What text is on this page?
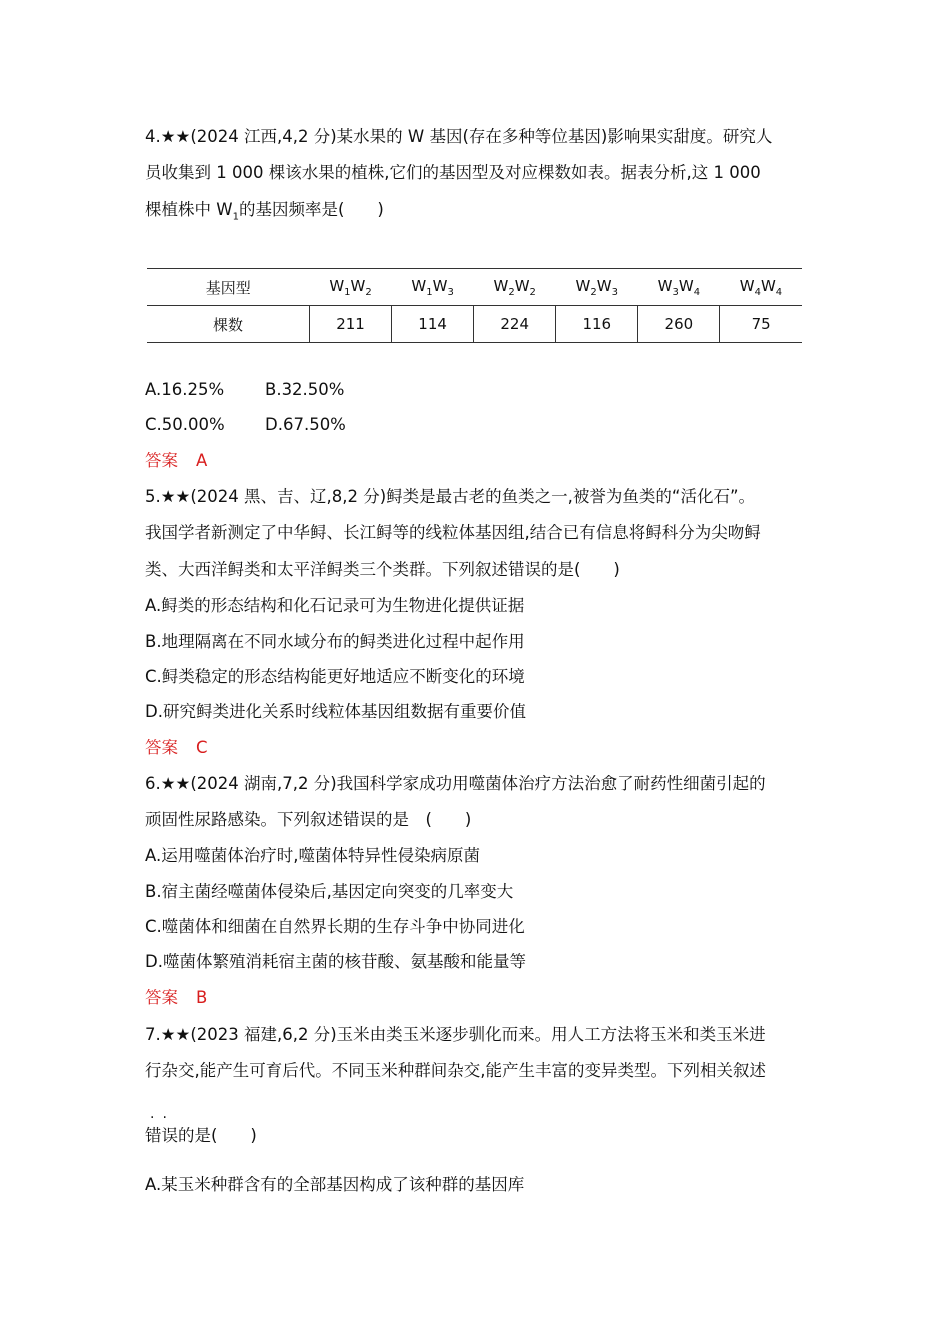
4.★★(2024 江西,4,2 分)某水果的 W 基因(存在多种等位基因)影响果实甜度。研究人
员收集到 1 000 棵该水果的植株,它们的基因型及对应棵数如表。据表分析,这 1 000
棵植株中 $W_1$的基因频率是(　　)
基因型	$W_1W_2$	$W_1W_3$	$W_2W_2$	$W_2W_3$	$W_3W_4$	$W_4W_4$
棵数	211	114	224	116	260	75
A.16.25% B.32.50%
C.50.00% D.67.50%
答案 A
5.★★(2024 黑、吉、辽,8,2 分)鲟类是最古老的鱼类之一,被誉为鱼类的“活化石”。
我国学者新测定了中华鲟、长江鲟等的线粒体基因组,结合已有信息将鲟科分为尖吻鲟
类、大西洋鲟类和太平洋鲟类三个类群。下列叙述错误的是(　　)
A.鲟类的形态结构和化石记录可为生物进化提供证据
B.地理隔离在不同水域分布的鲟类进化过程中起作用
C.鲟类稳定的形态结构能更好地适应不断变化的环境
D.研究鲟类进化关系时线粒体基因组数据有重要价值
答案 C
6.★★(2024 湖南,7,2 分)我国科学家成功用噬菌体治疗方法治愈了耐药性细菌引起的
顽固性尿路感染。下列叙述错误的是　(　　)
A.运用噬菌体治疗时,噬菌体特异性侵染病原菌
B.宿主菌经噬菌体侵染后,基因定向突变的几率变大
C.噬菌体和细菌在自然界长期的生存斗争中协同进化
D.噬菌体繁殖消耗宿主菌的核苷酸、氨基酸和能量等
答案 B
7.★★(2023 福建,6,2 分)玉米由类玉米逐步驯化而来。用人工方法将玉米和类玉米进
行杂交,能产生可育后代。不同玉米种群间杂交,能产生丰富的变异类型。下列相关叙述
··
错误的是(　　)
A.某玉米种群含有的全部基因构成了该种群的基因库
